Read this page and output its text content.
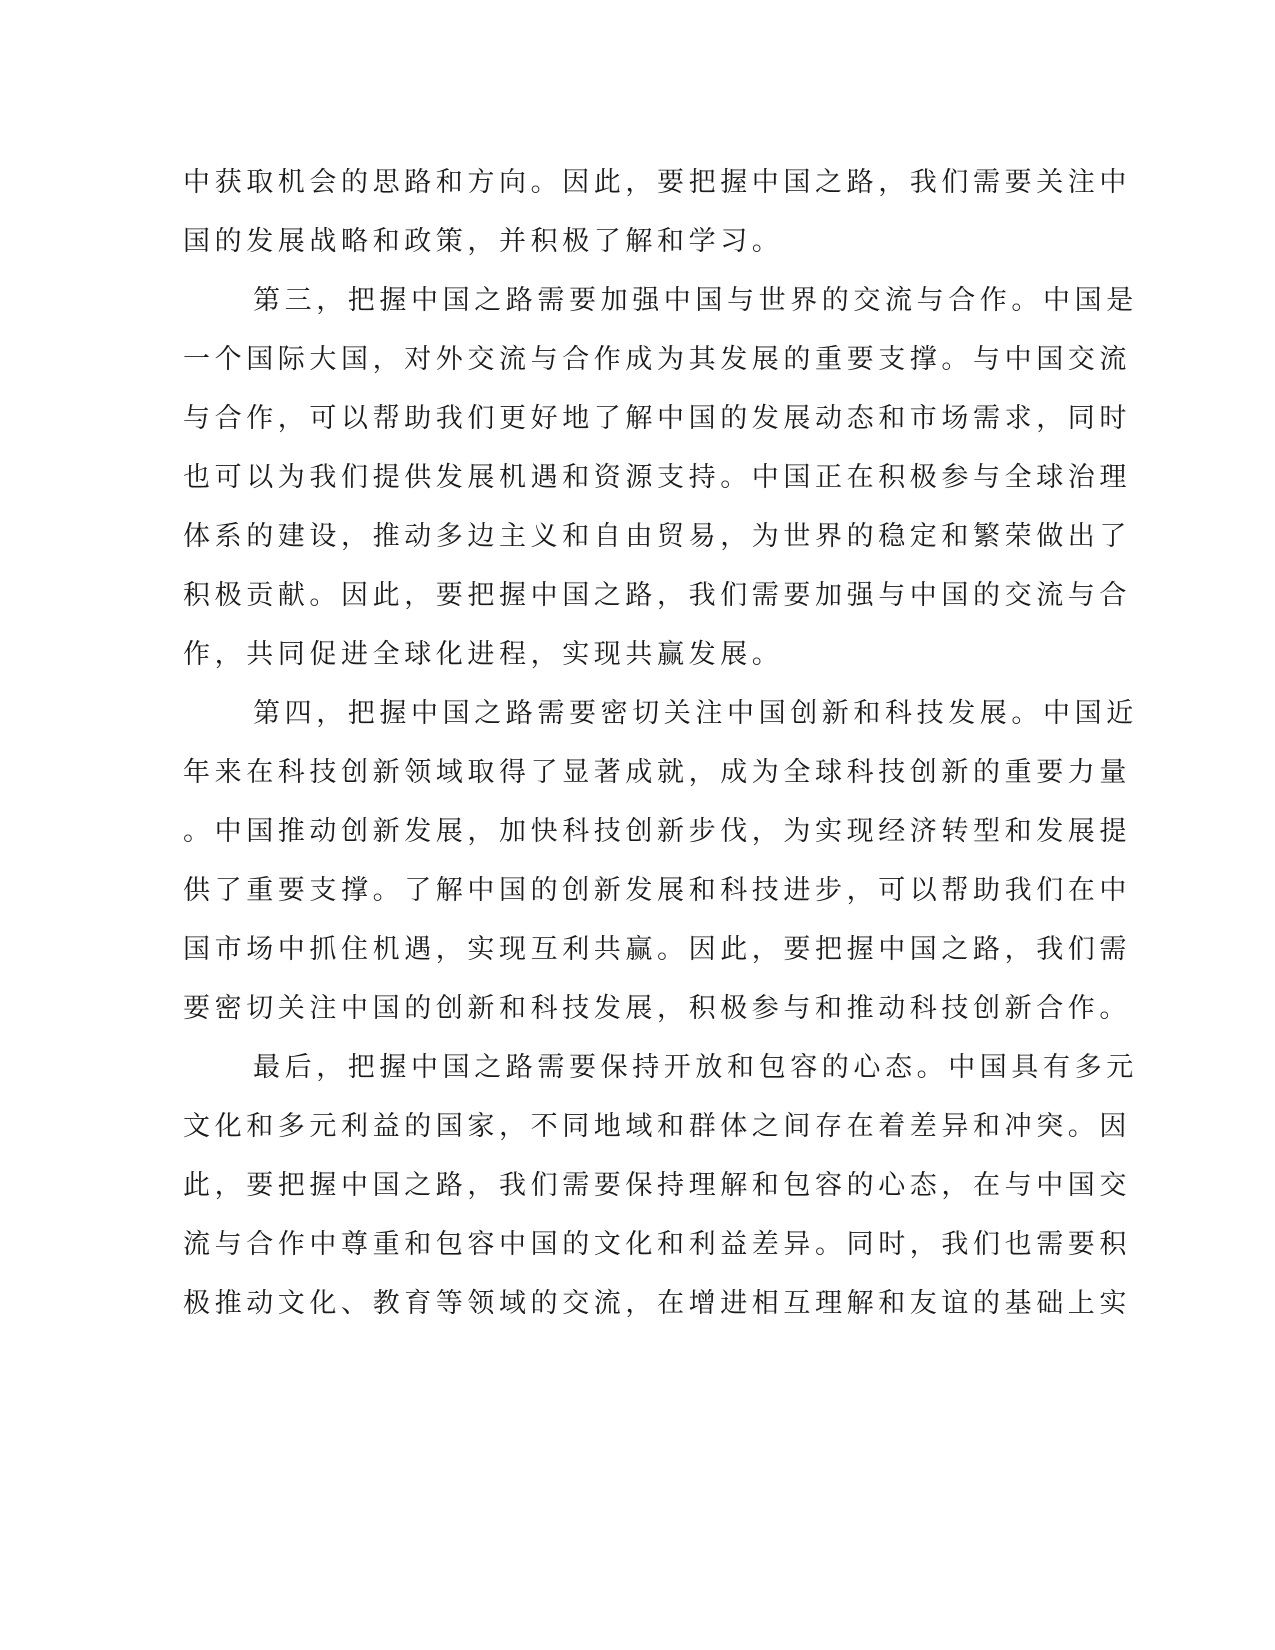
中获取机会的思路和方向。因此，要把握中国之路，我们需要关注中
国的发展战略和政策，并积极了解和学习。
第三，把握中国之路需要加强中国与世界的交流与合作。中国是
一个国际大国，对外交流与合作成为其发展的重要支撑。与中国交流
与合作，可以帮助我们更好地了解中国的发展动态和市场需求，同时
也可以为我们提供发展机遇和资源支持。中国正在积极参与全球治理
体系的建设，推动多边主义和自由贸易，为世界的稳定和繁荣做出了
积极贡献。因此，要把握中国之路，我们需要加强与中国的交流与合
作，共同促进全球化进程，实现共赢发展。
第四，把握中国之路需要密切关注中国创新和科技发展。中国近
年来在科技创新领域取得了显著成就，成为全球科技创新的重要力量
。中国推动创新发展，加快科技创新步伐，为实现经济转型和发展提
供了重要支撑。了解中国的创新发展和科技进步，可以帮助我们在中
国市场中抓住机遇，实现互利共赢。因此，要把握中国之路，我们需
要密切关注中国的创新和科技发展，积极参与和推动科技创新合作。
最后，把握中国之路需要保持开放和包容的心态。中国具有多元
文化和多元利益的国家，不同地域和群体之间存在着差异和冲突。因
此，要把握中国之路，我们需要保持理解和包容的心态，在与中国交
流与合作中尊重和包容中国的文化和利益差异。同时，我们也需要积
极推动文化、教育等领域的交流，在增进相互理解和友谊的基础上实
